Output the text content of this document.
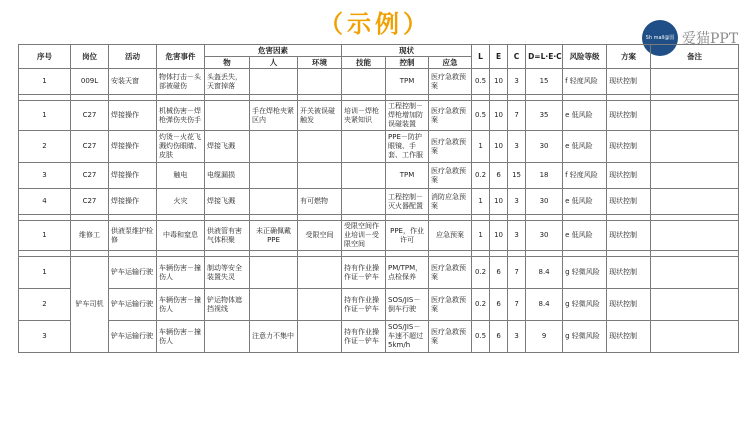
（示例）	Sh mall@国 爱猫PPT
序号	岗位	活动	危害事件	危害因素			现状			L	E	C	D=L·E·C	风险等级	方案	备注
				物	人	环境	技能	控制	应急							
1	009L	安装天窗	物体打击－头部被碰伤	头盔丢失，天窗掉落				TPM	医疗急救预案	0.5	10	3	15	f 轻度风险	现状控制	

1	C27	焊接操作	机械伤害－焊枪弹伤夹伤手		手在焊枪夹紧区内	开关被误碰触发	培训－焊枪夹紧知识	工程控制－焊枪增加防误碰装置	医疗急救预案	0.5	10	7	35	e 低风险	现状控制	
2	C27	焊接操作	灼烫－火花飞溅灼伤眼睛、皮肤	焊接飞溅				PPE－防护眼镜、手套、工作服	医疗急救预案	1	10	3	30	e 低风险	现状控制	
3	C27	焊接操作	触电	电缆漏损				TPM	医疗急救预案	0.2	6	15	18	f 轻度风险	现状控制	
4	C27	焊接操作	火灾	焊接飞溅		有可燃物		工程控制－灭火器配置	消防应急预案	1	10	3	30	e 低风险	现状控制	

1	维修工	供液泵维护检修	中毒和窒息	供液管有害气体积聚	未正确佩戴PPE	受限空间	受限空间作业培训－受限空间	PPE，作业许可	应急预案	1	10	3	30	e 低风险	现状控制	

1	铲车司机	铲车运输行驶	车辆伤害－撞伤人	制动等安全装置失灵			持有作业操作证－铲车	PM/TPM，点检保养	医疗急救预案	0.2	6	7	8.4	g 轻微风险	现状控制	
2		铲车运输行驶	车辆伤害－撞伤人	铲运物体遮挡视线			持有作业操作证－铲车	SOS/JIS－倒车行驶	医疗急救预案	0.2	6	7	8.4	g 轻微风险	现状控制	
3		铲车运输行驶	车辆伤害－撞伤人		注意力不集中		持有作业操作证－铲车	SOS/JIS－车速不超过5km/h	医疗急救预案	0.5	6	3	9	g 轻微风险	现状控制	
